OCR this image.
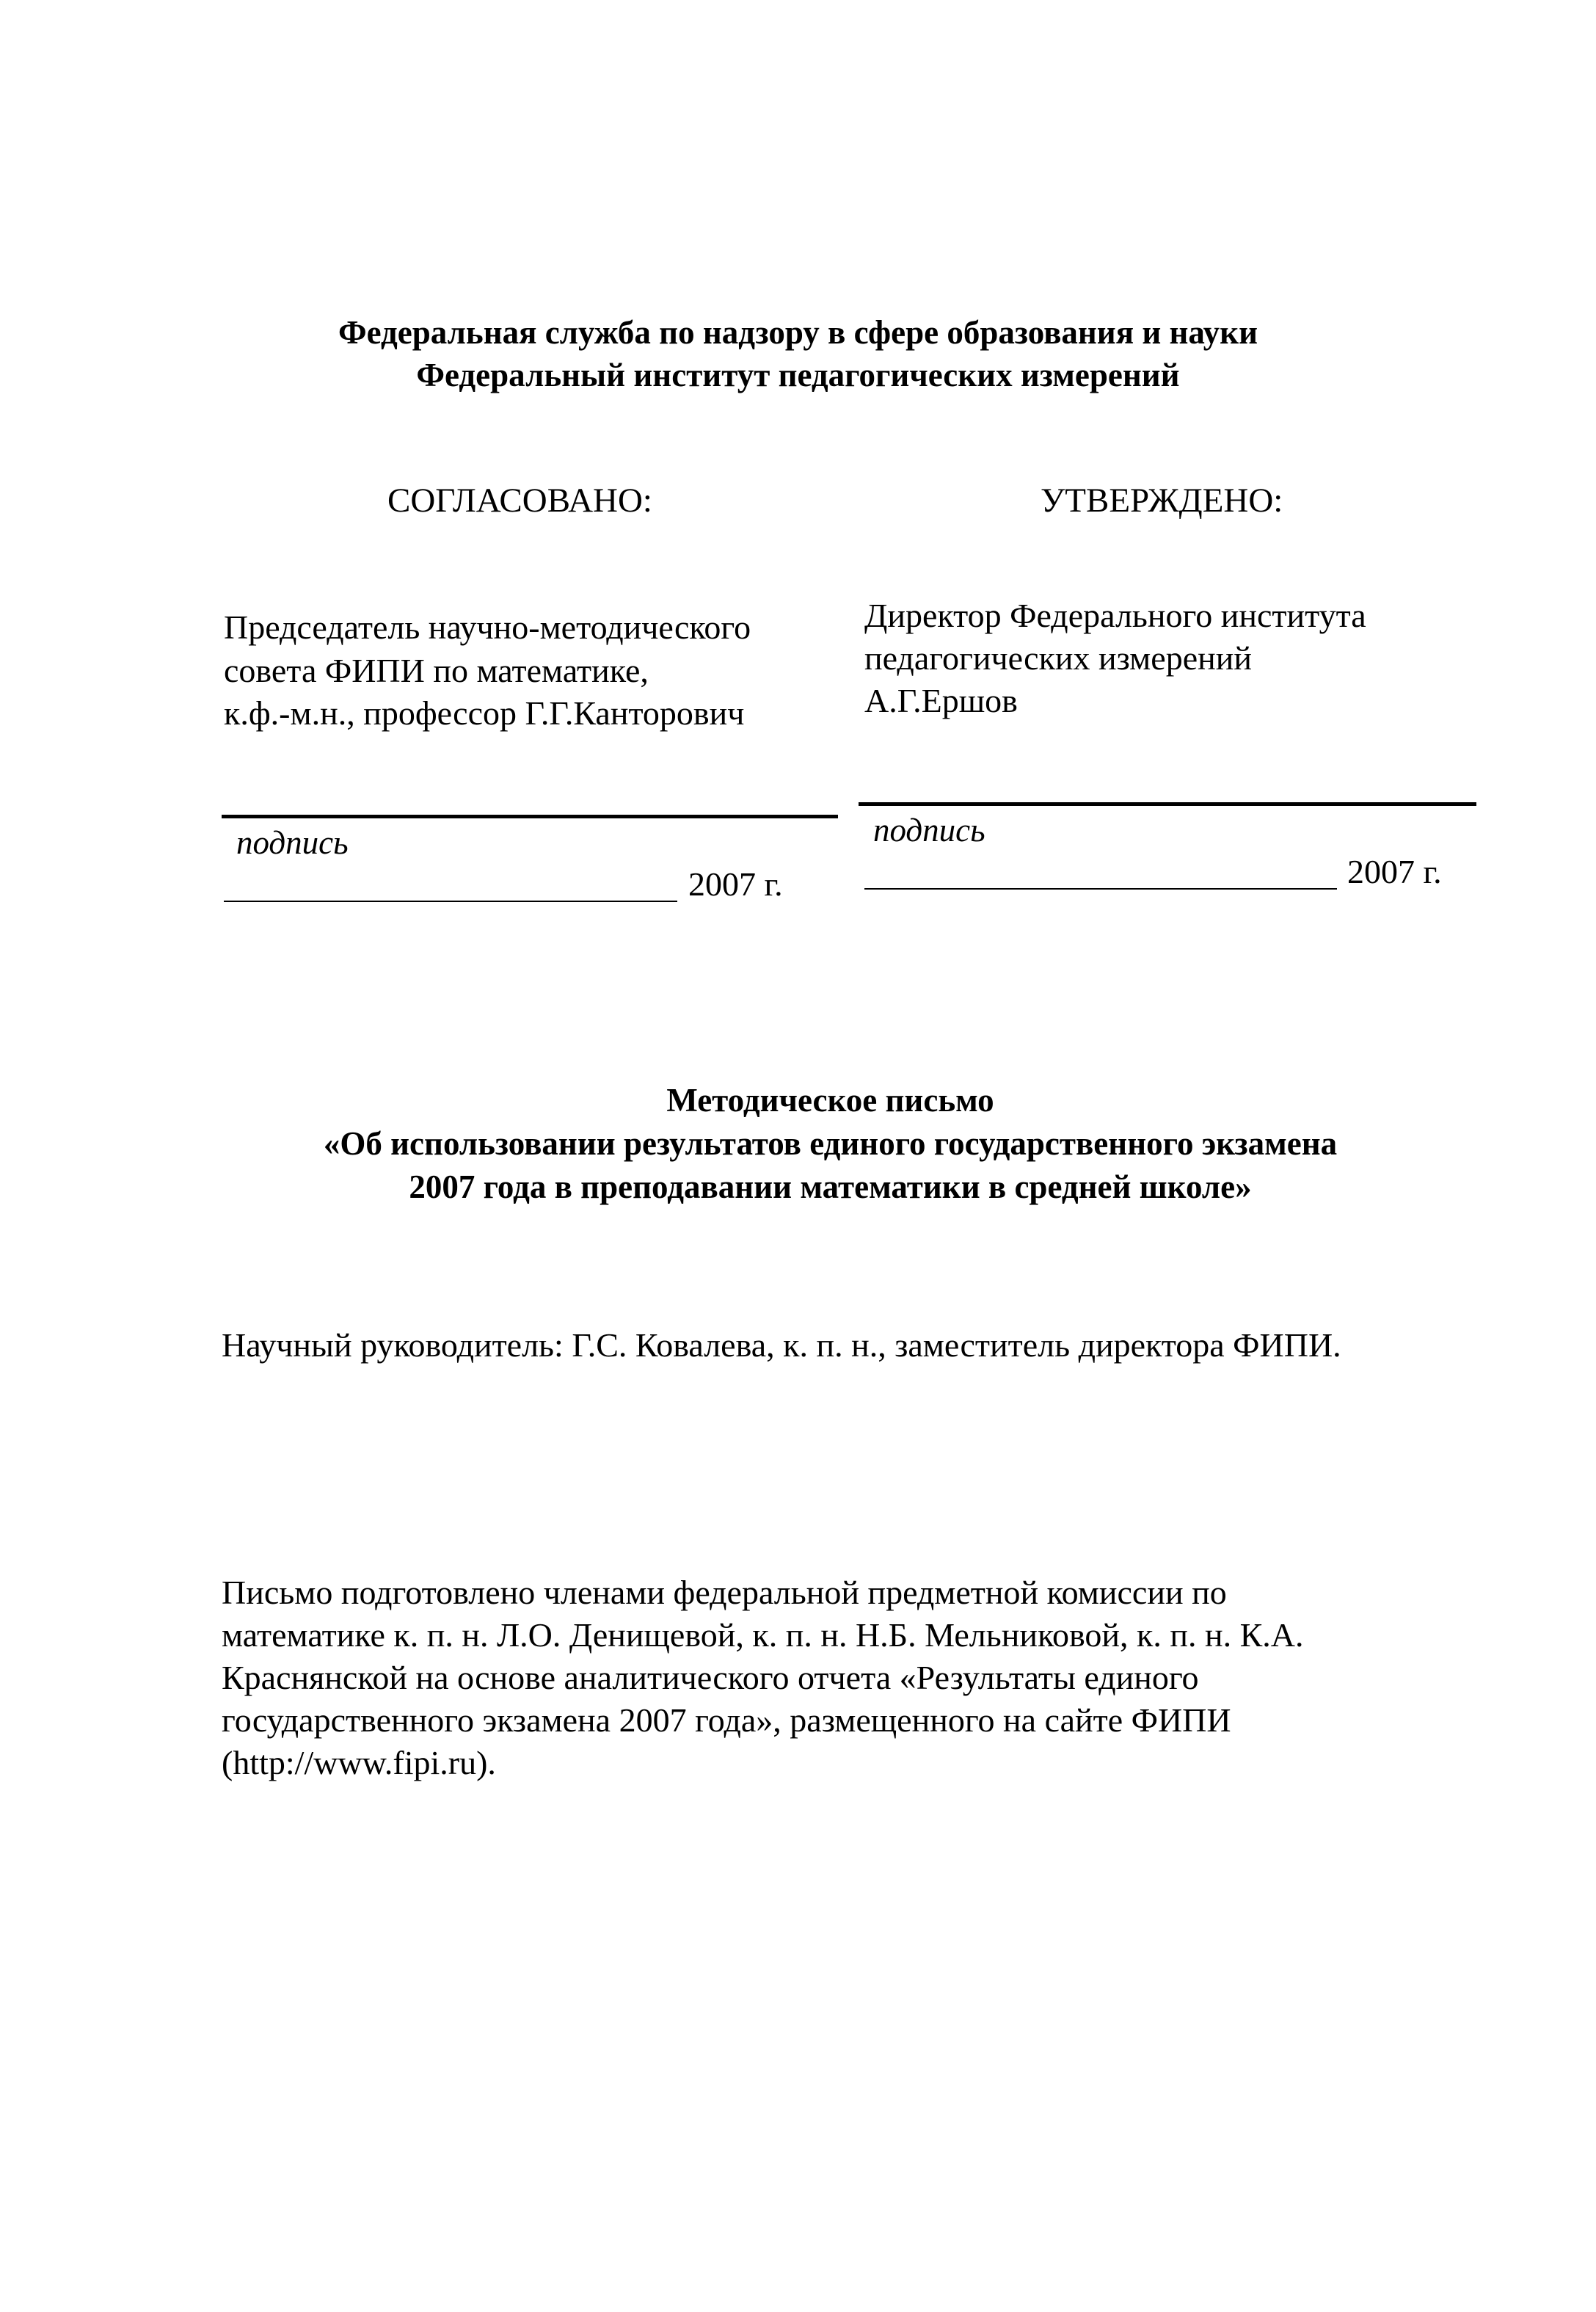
Федеральная служба по надзору в сфере образования и науки
Федеральный институт педагогических измерений
СОГЛАСОВАНО:
Председатель научно-методического
совета ФИПИ по математике,
к.ф.-м.н., профессор Г.Г.Канторович
подпись
2007 г.
УТВЕРЖДЕНО:
Директор Федерального института
педагогических измерений
А.Г.Ершов
подпись
2007 г.
Методическое письмо
«Об использовании результатов единого государственного экзамена
2007 года в преподавании математики в средней школе»
Научный руководитель: Г.С. Ковалева, к. п. н., заместитель директора ФИПИ.
Письмо подготовлено членами федеральной предметной комиссии по
математике к. п. н. Л.О. Денищевой, к. п. н. Н.Б. Мельниковой, к. п. н. К.А.
Краснянской на основе аналитического отчета «Результаты единого
государственного экзамена 2007 года», размещенного на сайте ФИПИ
(http://www.fipi.ru).
